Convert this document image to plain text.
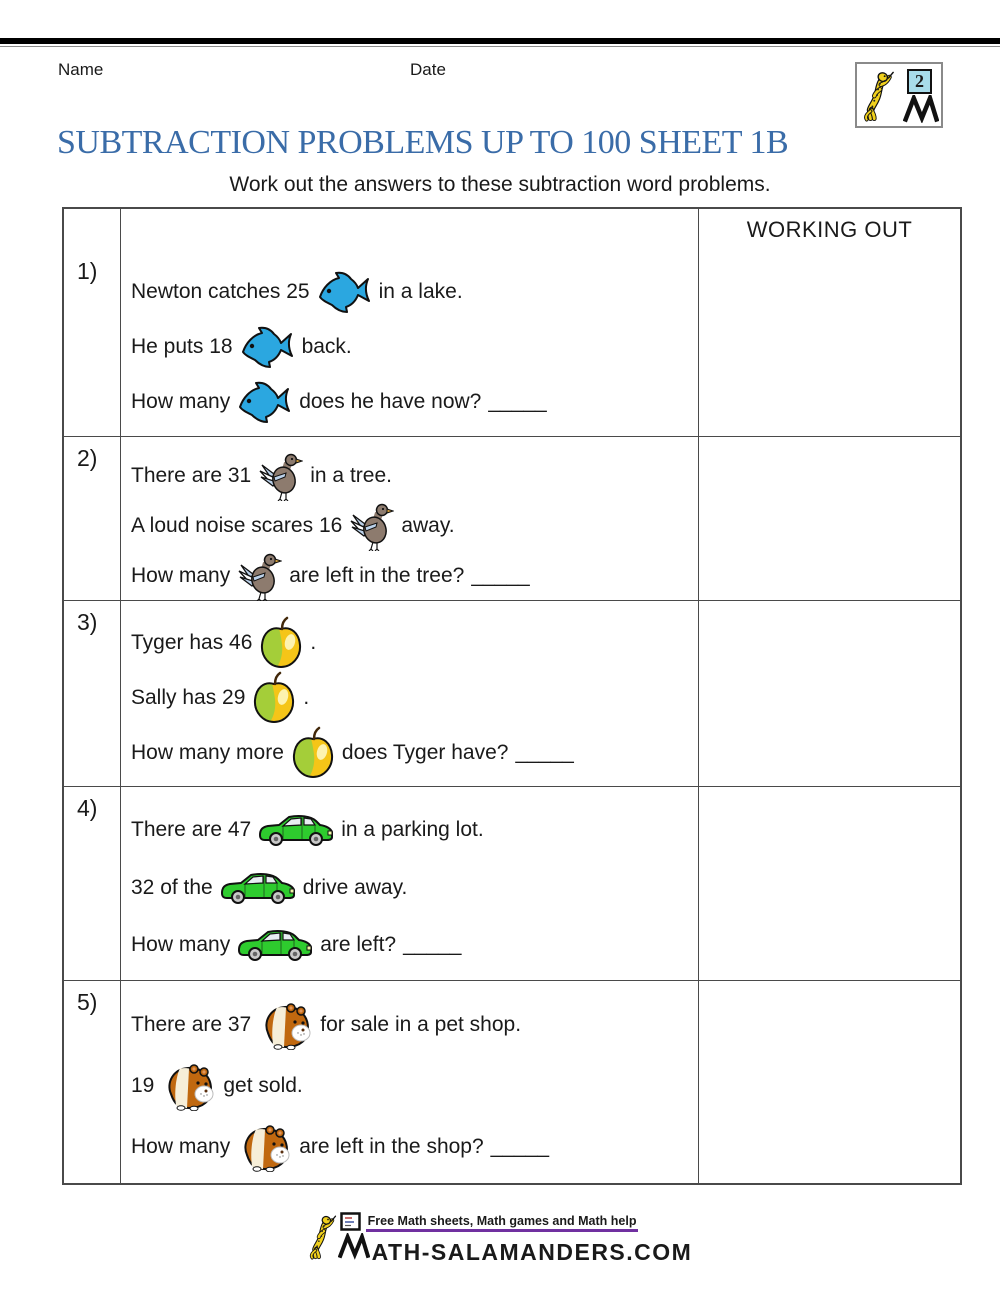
Name	Date
2
SUBTRACTION PROBLEMS UP TO 100 SHEET 1B
Work out the answers to these subtraction word problems.
WORKING OUT
1)
Newton catches 25	in a lake.
He puts 18	back.
How many	does he have now? _____
2)
There are 31	in a tree.
A loud noise scares 16	away.
How many	are left in the tree? _____
3)
Tyger has 46	.
Sally has 29	.
How many more	does Tyger have? _____
4)
There are 47	in a parking lot.
32 of the	drive away.
How many	are left? _____
5)
There are 37	for sale in a pet shop.
19	get sold.
How many	are left in the shop? _____
Free Math sheets, Math games and Math help
ATH-SALAMANDERS.COM
